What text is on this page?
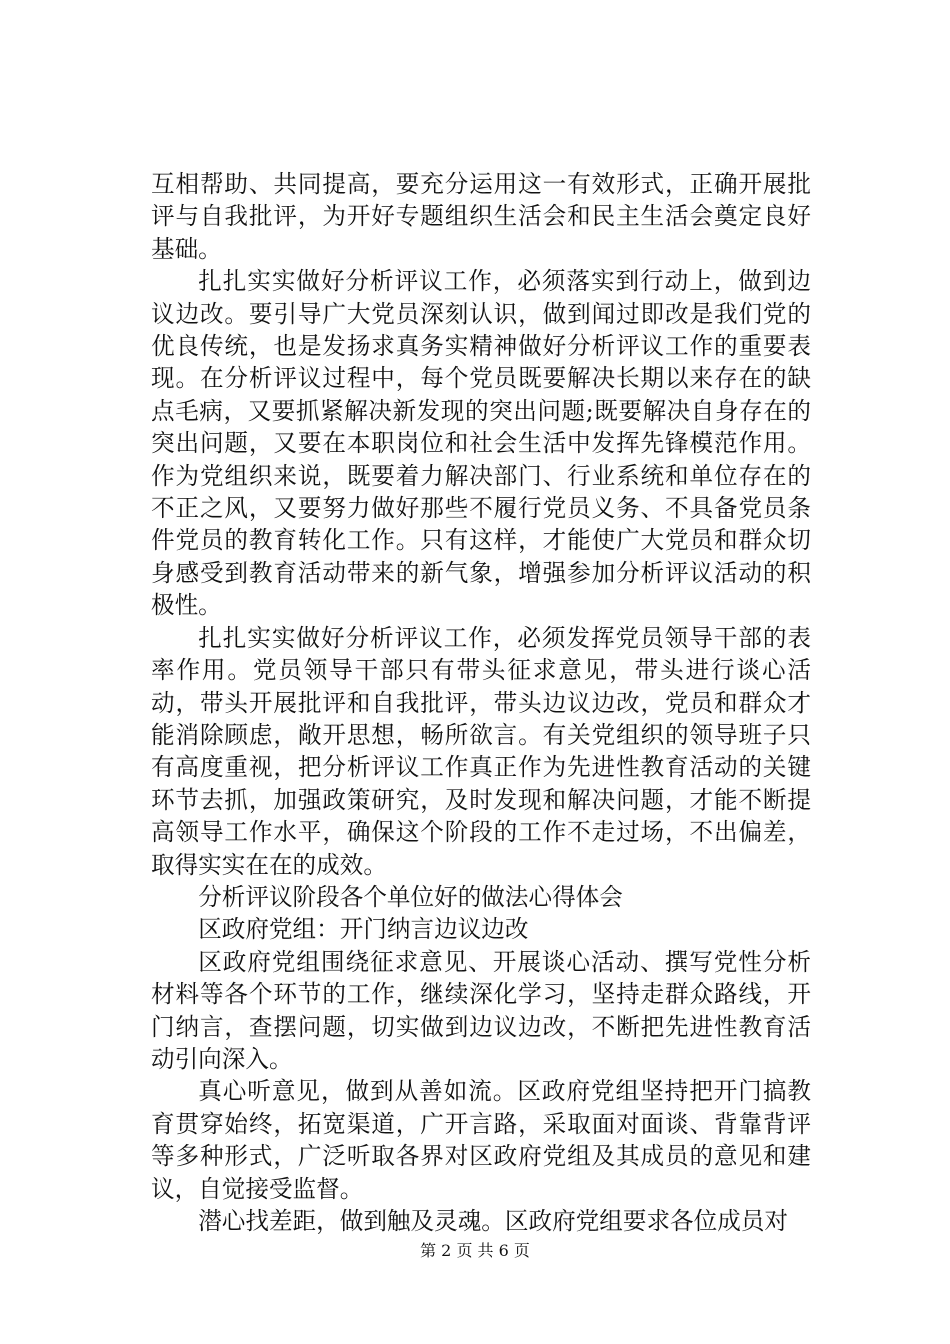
互相帮助、共同提高，要充分运用这一有效形式，正确开展批评与自我批评，为开好专题组织生活会和民主生活会奠定良好基础。

扎扎实实做好分析评议工作，必须落实到行动上，做到边议边改。要引导广大党员深刻认识，做到闻过即改是我们党的优良传统，也是发扬求真务实精神做好分析评议工作的重要表现。在分析评议过程中，每个党员既要解决长期以来存在的缺点毛病，又要抓紧解决新发现的突出问题;既要解决自身存在的突出问题，又要在本职岗位和社会生活中发挥先锋模范作用。作为党组织来说，既要着力解决部门、行业系统和单位存在的不正之风，又要努力做好那些不履行党员义务、不具备党员条件党员的教育转化工作。只有这样，才能使广大党员和群众切身感受到教育活动带来的新气象，增强参加分析评议活动的积极性。

扎扎实实做好分析评议工作，必须发挥党员领导干部的表率作用。党员领导干部只有带头征求意见，带头进行谈心活动，带头开展批评和自我批评，带头边议边改，党员和群众才能消除顾虑，敞开思想，畅所欲言。有关党组织的领导班子只有高度重视，把分析评议工作真正作为先进性教育活动的关键环节去抓，加强政策研究，及时发现和解决问题，才能不断提高领导工作水平，确保这个阶段的工作不走过场，不出偏差，取得实实在在的成效。

分析评议阶段各个单位好的做法心得体会

区政府党组：开门纳言边议边改

区政府党组围绕征求意见、开展谈心活动、撰写党性分析材料等各个环节的工作，继续深化学习，坚持走群众路线，开门纳言，查摆问题，切实做到边议边改，不断把先进性教育活动引向深入。

真心听意见，做到从善如流。区政府党组坚持把开门搞教育贯穿始终，拓宽渠道，广开言路，采取面对面谈、背靠背评等多种形式，广泛听取各界对区政府党组及其成员的意见和建议，自觉接受监督。

潜心找差距，做到触及灵魂。区政府党组要求各位成员对

第 2 页 共 6 页
